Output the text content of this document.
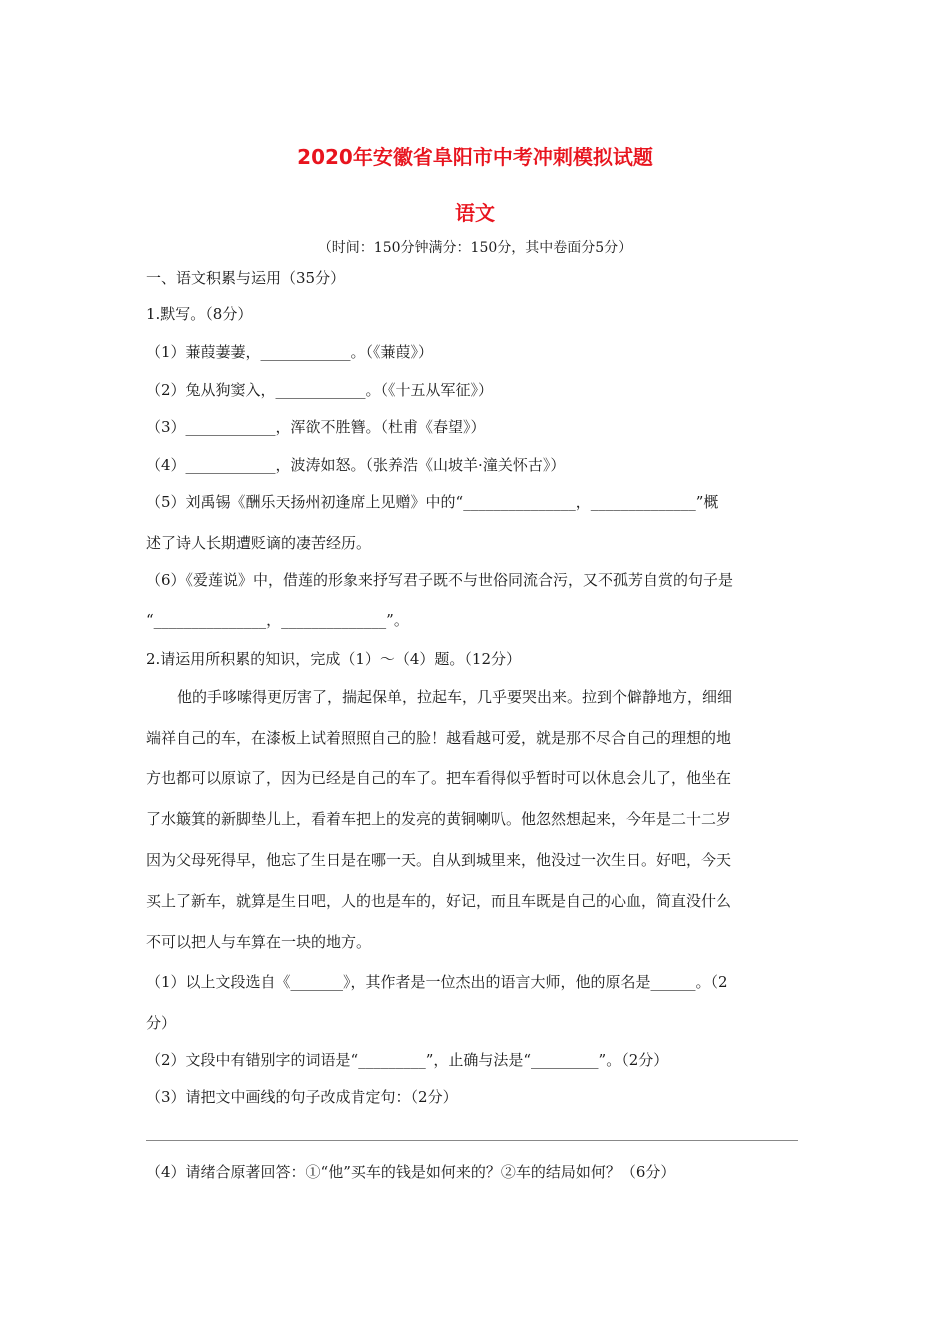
2020年安徽省阜阳市中考冲刺模拟试题
语文
（时间：150分钟满分：150分，其中卷面分5分）
一、语文积累与运用（35分）
1.默写。（8分）
（1）蒹葭萋萋，____________。（《蒹葭》）
（2）兔从狗窦入，____________。（《十五从军征》）
（3）____________，浑欲不胜簪。（杜甫《春望》）
（4）____________，波涛如怒。（张养浩《山坡羊·潼关怀古》）
（5）刘禹锡《酬乐天扬州初逢席上见赠》中的“_______________，______________”概
述了诗人长期遭贬谪的凄苦经历。
（6）《爱莲说》中，借莲的形象来抒写君子既不与世俗同流合污，又不孤芳自赏的句子是
“_______________，______________”。
2.请运用所积累的知识，完成（1）～（4）题。（12分）
他的手哆嗦得更厉害了，揣起保单，拉起车，几乎要哭出来。拉到个僻静地方，细细
端祥自己的车，在漆板上试着照照自己的脸！越看越可爱，就是那不尽合自己的理想的地
方也都可以原谅了，因为已经是自己的车了。把车看得似乎暂时可以休息会儿了，他坐在
了水簸箕的新脚垫儿上，看着车把上的发亮的黄铜喇叭。他忽然想起来，今年是二十二岁
因为父母死得早，他忘了生日是在哪一天。自从到城里来，他没过一次生日。好吧，今天
买上了新车，就算是生日吧，人的也是车的，好记，而且车既是自己的心血，简直没什么
不可以把人与车算在一块的地方。
（1）以上文段选自《_______》，其作者是一位杰出的语言大师，他的原名是______。（2
分）
（2）文段中有错别字的词语是“_________”，止确与法是“_________”。（2分）
（3）请把文中画线的句子改成肯定句：（2分）
（4）请绪合原著回答：①“他”买车的钱是如何来的？②车的结局如何？（6分）
